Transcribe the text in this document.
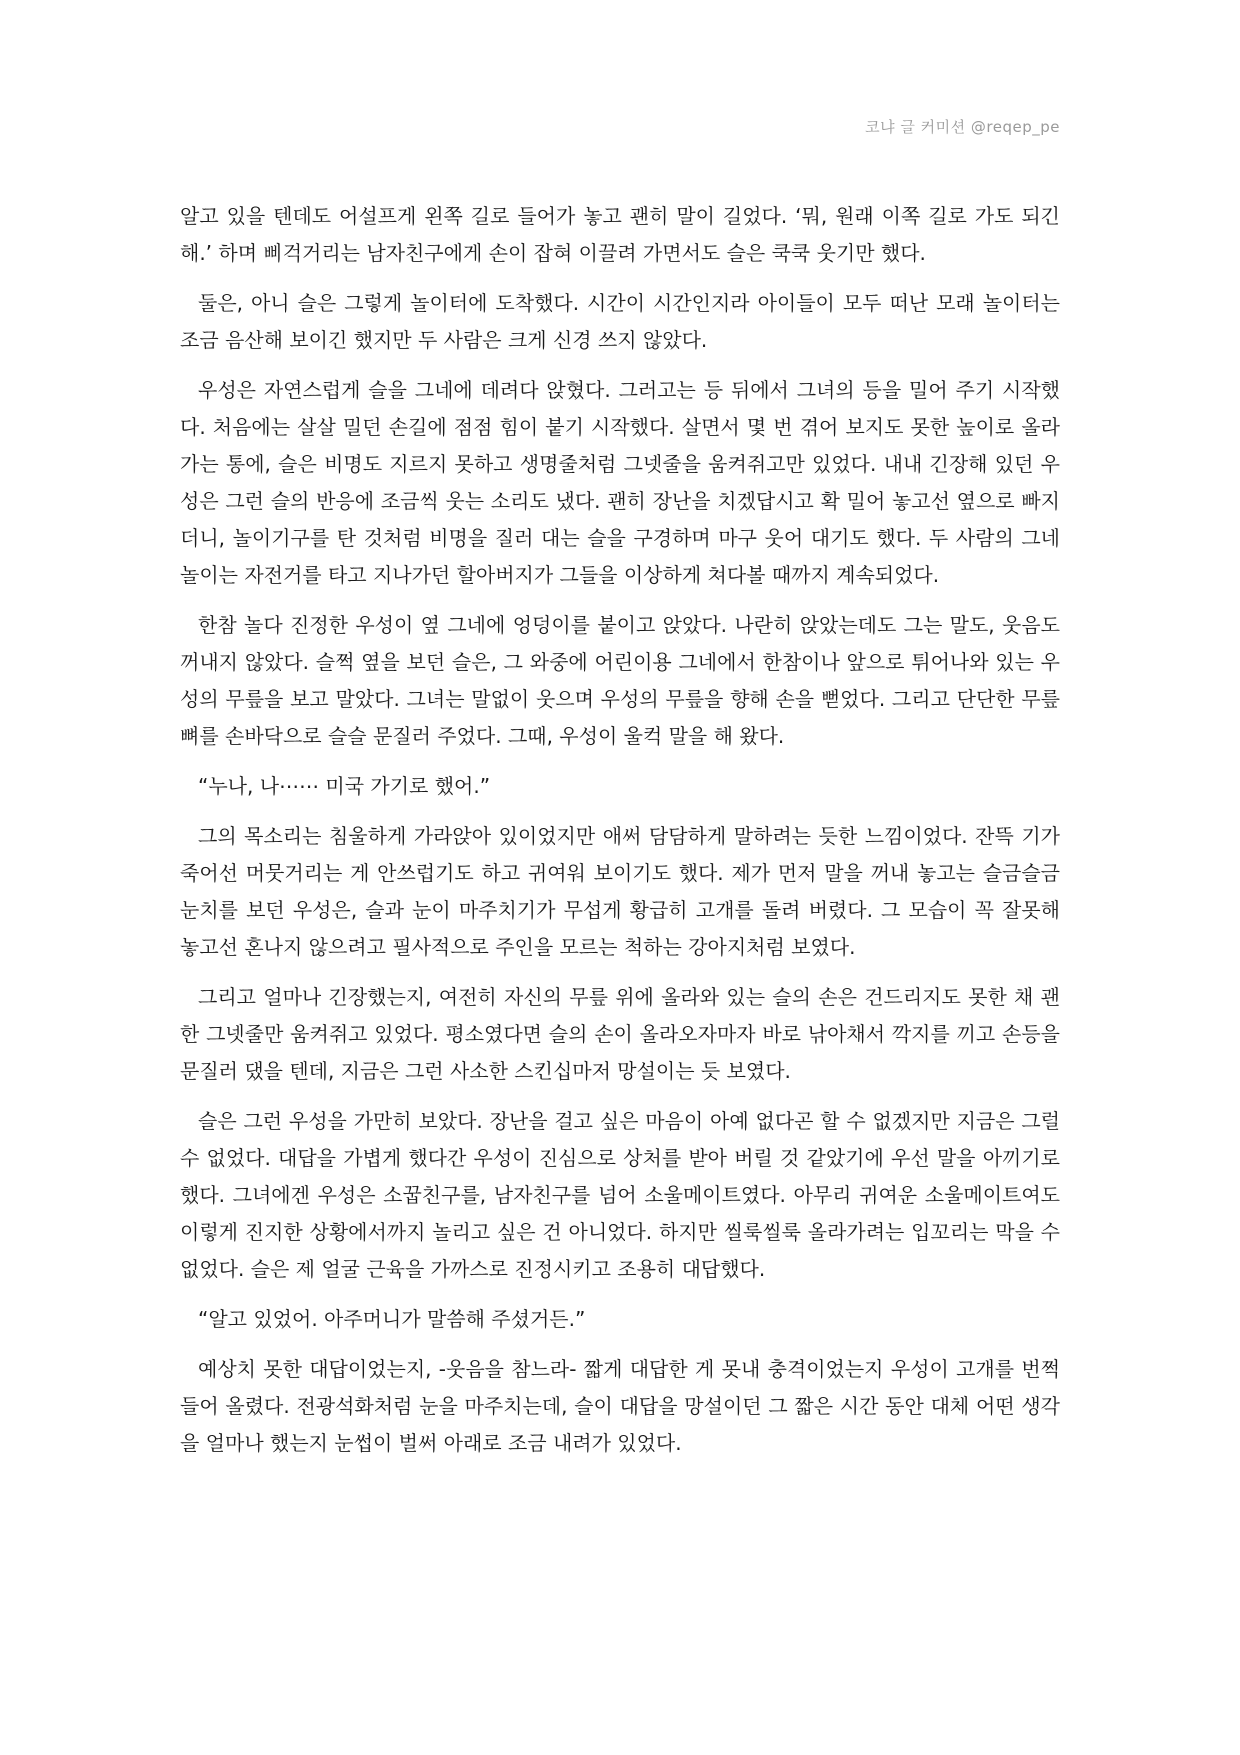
코냐 글 커미션 @reqep_pe

알고 있을 텐데도 어설프게 왼쪽 길로 들어가 놓고 괜히 말이 길었다. ‘뭐, 원래 이쪽 길로 가도 되긴 해.’ 하며 삐걱거리는 남자친구에게 손이 잡혀 이끌려 가면서도 슬은 쿡쿡 웃기만 했다.

둘은, 아니 슬은 그렇게 놀이터에 도착했다. 시간이 시간인지라 아이들이 모두 떠난 모래 놀이터는 조금 음산해 보이긴 했지만 두 사람은 크게 신경 쓰지 않았다.

우성은 자연스럽게 슬을 그네에 데려다 앉혔다. 그러고는 등 뒤에서 그녀의 등을 밀어 주기 시작했다. 처음에는 살살 밀던 손길에 점점 힘이 붙기 시작했다. 살면서 몇 번 겪어 보지도 못한 높이로 올라가는 통에, 슬은 비명도 지르지 못하고 생명줄처럼 그넷줄을 움켜쥐고만 있었다. 내내 긴장해 있던 우성은 그런 슬의 반응에 조금씩 웃는 소리도 냈다. 괜히 장난을 치겠답시고 확 밀어 놓고선 옆으로 빠지더니, 놀이기구를 탄 것처럼 비명을 질러 대는 슬을 구경하며 마구 웃어 대기도 했다. 두 사람의 그네 놀이는 자전거를 타고 지나가던 할아버지가 그들을 이상하게 쳐다볼 때까지 계속되었다.

한참 놀다 진정한 우성이 옆 그네에 엉덩이를 붙이고 앉았다. 나란히 앉았는데도 그는 말도, 웃음도 꺼내지 않았다. 슬쩍 옆을 보던 슬은, 그 와중에 어린이용 그네에서 한참이나 앞으로 튀어나와 있는 우성의 무릎을 보고 말았다. 그녀는 말없이 웃으며 우성의 무릎을 향해 손을 뻗었다. 그리고 단단한 무릎뼈를 손바닥으로 슬슬 문질러 주었다. 그때, 우성이 울컥 말을 해 왔다.

“누나, 나⋯⋯ 미국 가기로 했어.”

그의 목소리는 침울하게 가라앉아 있이었지만 애써 담담하게 말하려는 듯한 느낌이었다. 잔뜩 기가 죽어선 머뭇거리는 게 안쓰럽기도 하고 귀여워 보이기도 했다. 제가 먼저 말을 꺼내 놓고는 슬금슬금 눈치를 보던 우성은, 슬과 눈이 마주치기가 무섭게 황급히 고개를 돌려 버렸다. 그 모습이 꼭 잘못해 놓고선 혼나지 않으려고 필사적으로 주인을 모르는 척하는 강아지처럼 보였다.

그리고 얼마나 긴장했는지, 여전히 자신의 무릎 위에 올라와 있는 슬의 손은 건드리지도 못한 채 괜한 그넷줄만 움켜쥐고 있었다. 평소였다면 슬의 손이 올라오자마자 바로 낚아채서 깍지를 끼고 손등을 문질러 댔을 텐데, 지금은 그런 사소한 스킨십마저 망설이는 듯 보였다.

슬은 그런 우성을 가만히 보았다. 장난을 걸고 싶은 마음이 아예 없다곤 할 수 없겠지만 지금은 그럴 수 없었다. 대답을 가볍게 했다간 우성이 진심으로 상처를 받아 버릴 것 같았기에 우선 말을 아끼기로 했다. 그녀에겐 우성은 소꿉친구를, 남자친구를 넘어 소울메이트였다. 아무리 귀여운 소울메이트여도 이렇게 진지한 상황에서까지 놀리고 싶은 건 아니었다. 하지만 씰룩씰룩 올라가려는 입꼬리는 막을 수 없었다. 슬은 제 얼굴 근육을 가까스로 진정시키고 조용히 대답했다.

“알고 있었어. 아주머니가 말씀해 주셨거든.”

예상치 못한 대답이었는지, -웃음을 참느라- 짧게 대답한 게 못내 충격이었는지 우성이 고개를 번쩍 들어 올렸다. 전광석화처럼 눈을 마주치는데, 슬이 대답을 망설이던 그 짧은 시간 동안 대체 어떤 생각을 얼마나 했는지 눈썹이 벌써 아래로 조금 내려가 있었다.
